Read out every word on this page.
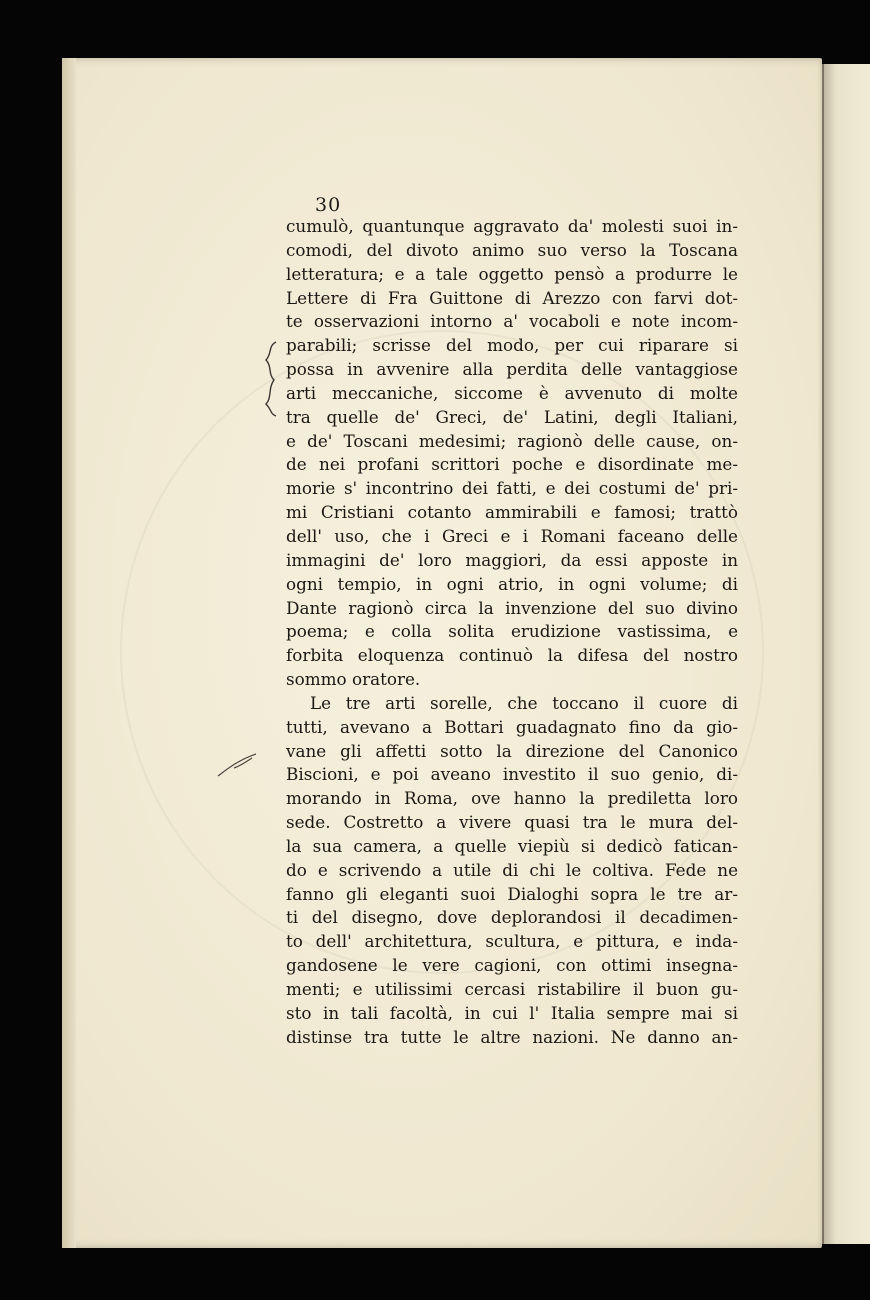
30
cumulò, quantunque aggravato da' molesti suoi in-
comodi, del divoto animo suo verso la Toscana
letteratura; e a tale oggetto pensò a produrre le
Lettere di Fra Guittone di Arezzo con farvi dot-
te osservazioni intorno a' vocaboli e note incom-
parabili; scrisse del modo, per cui riparare si
possa in avvenire alla perdita delle vantaggiose
arti meccaniche, siccome è avvenuto di molte
tra quelle de' Greci, de' Latini, degli Italiani,
e de' Toscani medesimi; ragionò delle cause, on-
de nei profani scrittori poche e disordinate me-
morie s' incontrino dei fatti, e dei costumi de' pri-
mi Cristiani cotanto ammirabili e famosi; trattò
dell' uso, che i Greci e i Romani faceano delle
immagini de' loro maggiori, da essi apposte in
ogni tempio, in ogni atrio, in ogni volume; di
Dante ragionò circa la invenzione del suo divino
poema; e colla solita erudizione vastissima, e
forbita eloquenza continuò la difesa del nostro
sommo oratore.
Le tre arti sorelle, che toccano il cuore di
tutti, avevano a Bottari guadagnato fino da gio-
vane gli affetti sotto la direzione del Canonico
Biscioni, e poi aveano investito il suo genio, di-
morando in Roma, ove hanno la prediletta loro
sede. Costretto a vivere quasi tra le mura del-
la sua camera, a quelle viepiù si dedicò fatican-
do e scrivendo a utile di chi le coltiva. Fede ne
fanno gli eleganti suoi Dialoghi sopra le tre ar-
ti del disegno, dove deplorandosi il decadimen-
to dell' architettura, scultura, e pittura, e inda-
gandosene le vere cagioni, con ottimi insegna-
menti; e utilissimi cercasi ristabilire il buon gu-
sto in tali facoltà, in cui l' Italia sempre mai si
distinse tra tutte le altre nazioni. Ne danno an-
